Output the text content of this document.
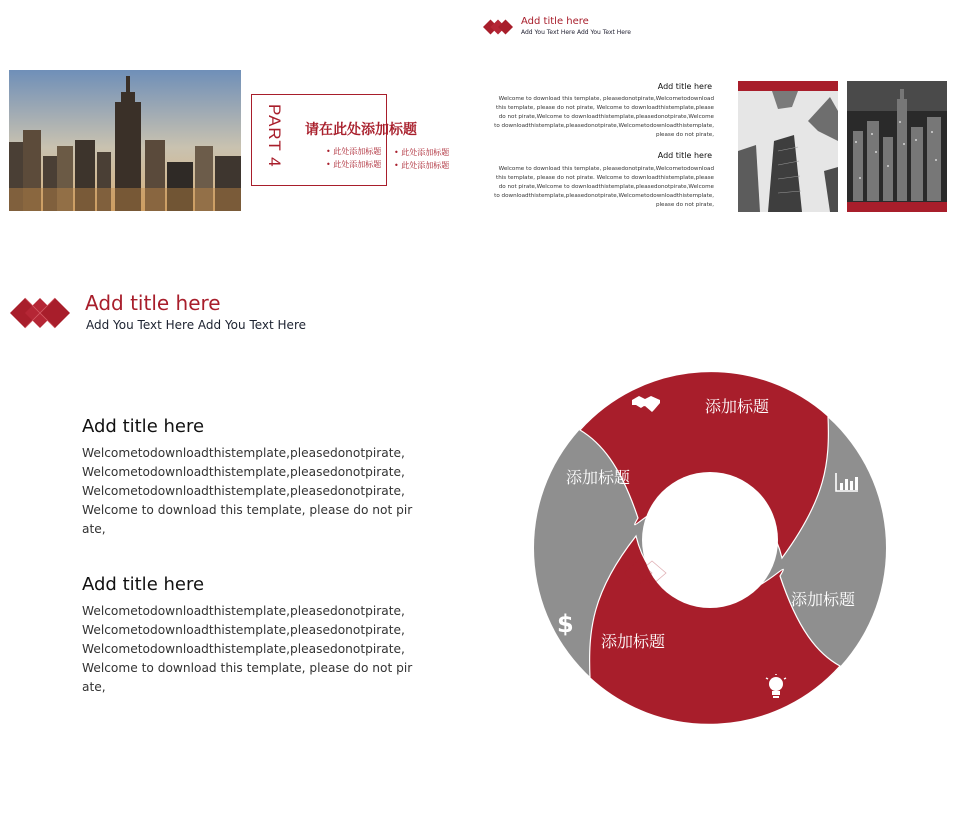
PART 4 请在此处添加标题
• 此处添加标题
• 此处添加标题
• 此处添加标题
• 此处添加标题
Add title here
Add You Text Here Add You Text Here
Add title here
Welcome to download this template, pleasedonotpirate,Welcometodownload this template, please do not pirate, Welcome to downloadthistemplate,please do not pirate,Welcome to downloadthistemplate,pleasedonotpirate,Welcome to downloadthistemplate,pleasedonotpirate,Welcometodownloadthistemplate, please do not pirate,
Add title here
Welcome to download this template, pleasedonotpirate,Welcometodownload this template, please do not pirate. Welcome to downloadthistemplate,please do not pirate,Welcome to downloadthistemplate,pleasedonotpirate,Welcome to downloadthistemplate,pleasedonotpirate,Welcometodownloadthistemplate, please do not pirate,
Add title here
Add You Text Here Add You Text Here
Add title here
Welcometodownloadthistemplate,pleasedonotpirate,Welcometodownloadthistemplate,pleasedonotpirate,Welcometodownloadthistemplate,pleasedonotpirate,Welcome to download this template, please do not pirate,
Add title here
Welcometodownloadthistemplate,pleasedonotpirate,Welcometodownloadthistemplate,pleasedonotpirate,Welcometodownloadthistemplate,pleasedonotpirate,Welcome to download this template, please do not pirate,
添加标题
添加标题
添加标题
添加标题
$
